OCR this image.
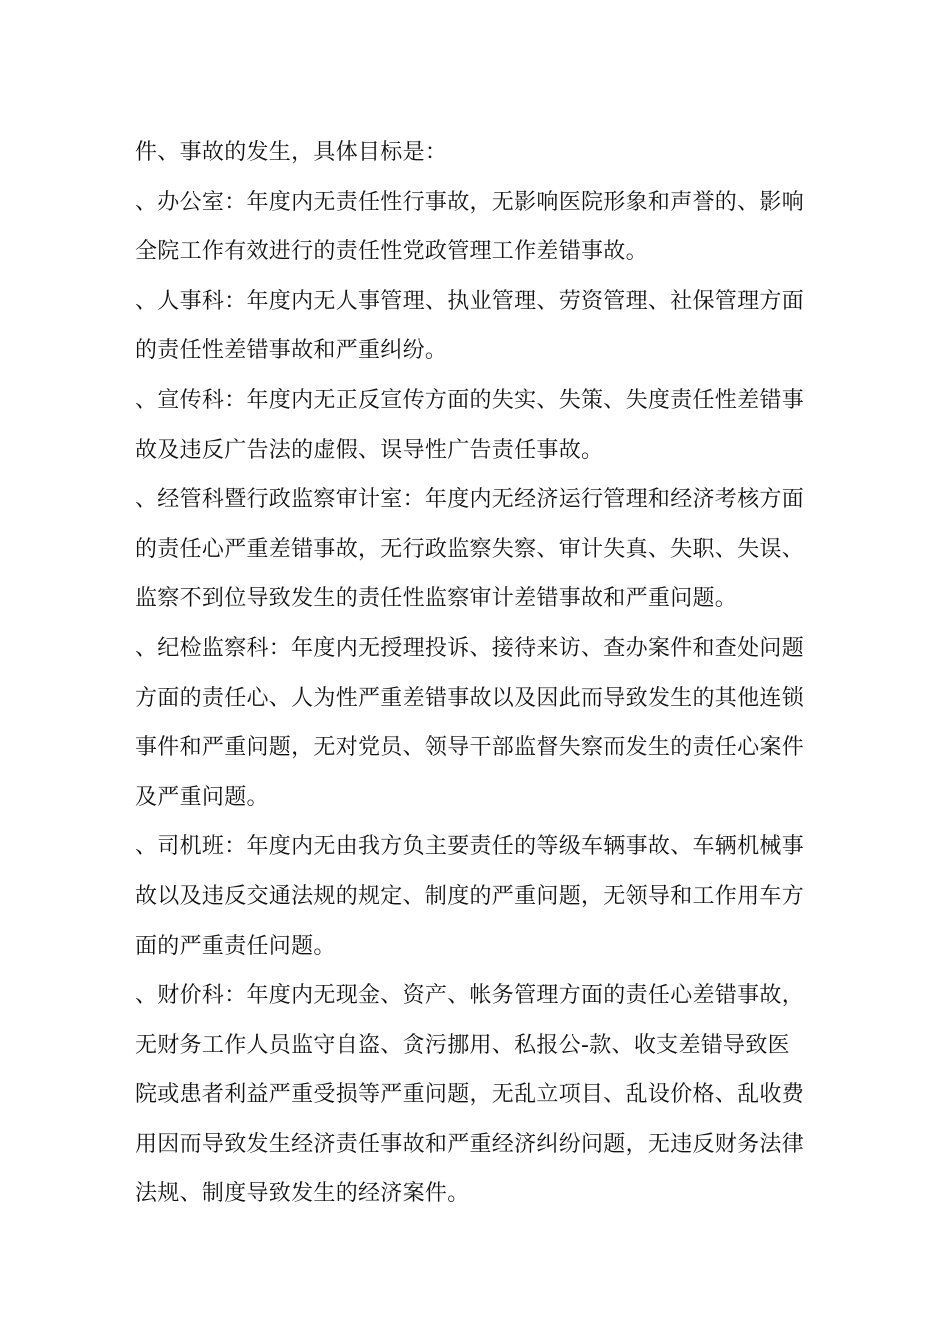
件、事故的发生，具体目标是：
、办公室：年度内无责任性行事故，无影响医院形象和声誉的、影响
全院工作有效进行的责任性党政管理工作差错事故。
、人事科：年度内无人事管理、执业管理、劳资管理、社保管理方面
的责任性差错事故和严重纠纷。
、宣传科：年度内无正反宣传方面的失实、失策、失度责任性差错事
故及违反广告法的虚假、误导性广告责任事故。
、经管科暨行政监察审计室：年度内无经济运行管理和经济考核方面
的责任心严重差错事故，无行政监察失察、审计失真、失职、失误、
监察不到位导致发生的责任性监察审计差错事故和严重问题。
、纪检监察科：年度内无授理投诉、接待来访、查办案件和查处问题
方面的责任心、人为性严重差错事故以及因此而导致发生的其他连锁
事件和严重问题，无对党员、领导干部监督失察而发生的责任心案件
及严重问题。
、司机班：年度内无由我方负主要责任的等级车辆事故、车辆机械事
故以及违反交通法规的规定、制度的严重问题，无领导和工作用车方
面的严重责任问题。
、财价科：年度内无现金、资产、帐务管理方面的责任心差错事故，
无财务工作人员监守自盗、贪污挪用、私报公-款、收支差错导致医
院或患者利益严重受损等严重问题，无乱立项目、乱设价格、乱收费
用因而导致发生经济责任事故和严重经济纠纷问题，无违反财务法律
法规、制度导致发生的经济案件。
